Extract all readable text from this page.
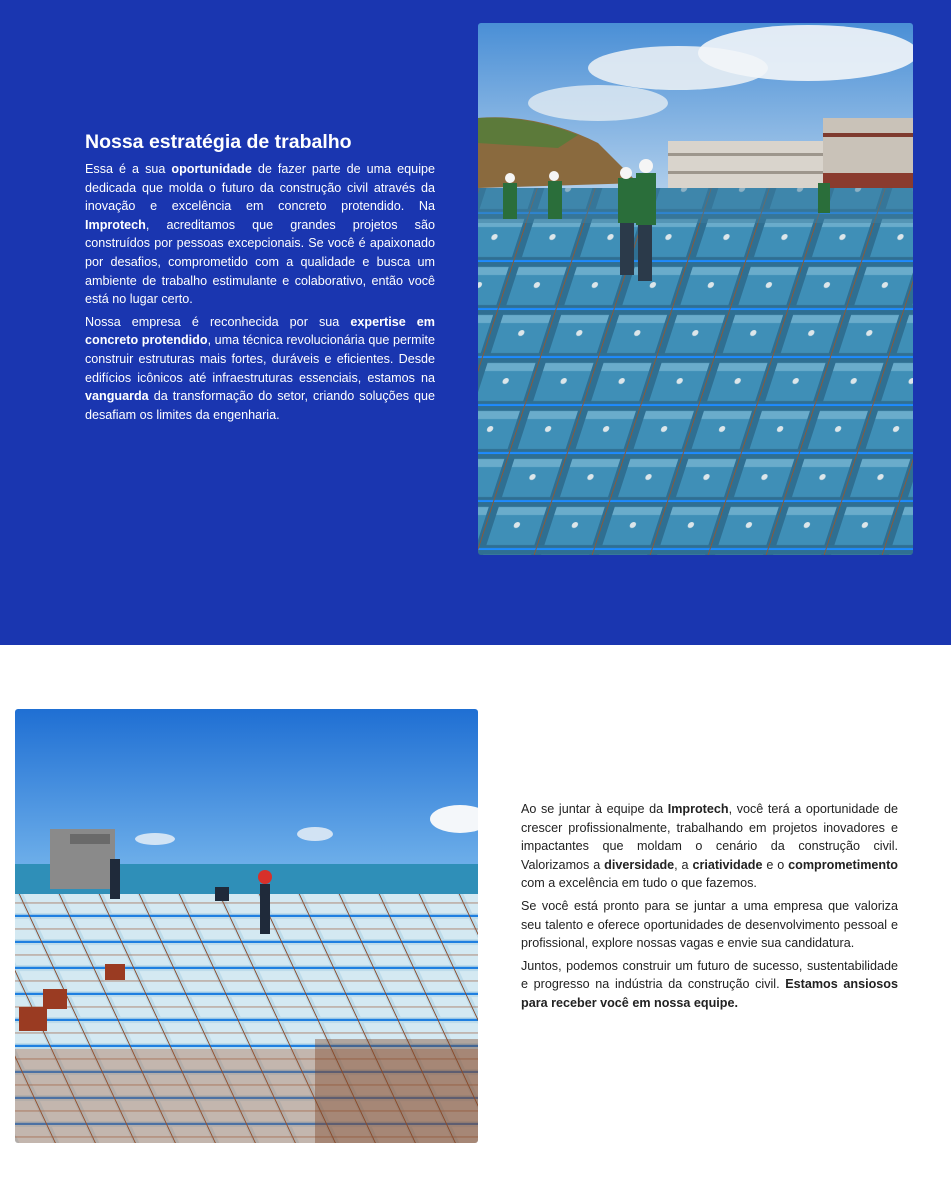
Nossa estratégia de trabalho

Essa é a sua oportunidade de fazer parte de uma equipe dedicada que molda o futuro da construção civil através da inovação e excelência em concreto protendido. Na Improtech, acreditamos que grandes projetos são construídos por pessoas excepcionais. Se você é apaixonado por desafios, comprometido com a qualidade e busca um ambiente de trabalho estimulante e colaborativo, então você está no lugar certo.

Nossa empresa é reconhecida por sua expertise em concreto protendido, uma técnica revolucionária que permite construir estruturas mais fortes, duráveis e eficientes. Desde edifícios icônicos até infraestruturas essenciais, estamos na vanguarda da transformação do setor, criando soluções que desafiam os limites da engenharia.

Ao se juntar à equipe da Improtech, você terá a oportunidade de crescer profissionalmente, trabalhando em projetos inovadores e impactantes que moldam o cenário da construção civil. Valorizamos a diversidade, a criatividade e o comprometimento com a excelência em tudo o que fazemos.

Se você está pronto para se juntar a uma empresa que valoriza seu talento e oferece oportunidades de desenvolvimento pessoal e profissional, explore nossas vagas e envie sua candidatura.

Juntos, podemos construir um futuro de sucesso, sustentabilidade e progresso na indústria da construção civil. Estamos ansiosos para receber você em nossa equipe.
